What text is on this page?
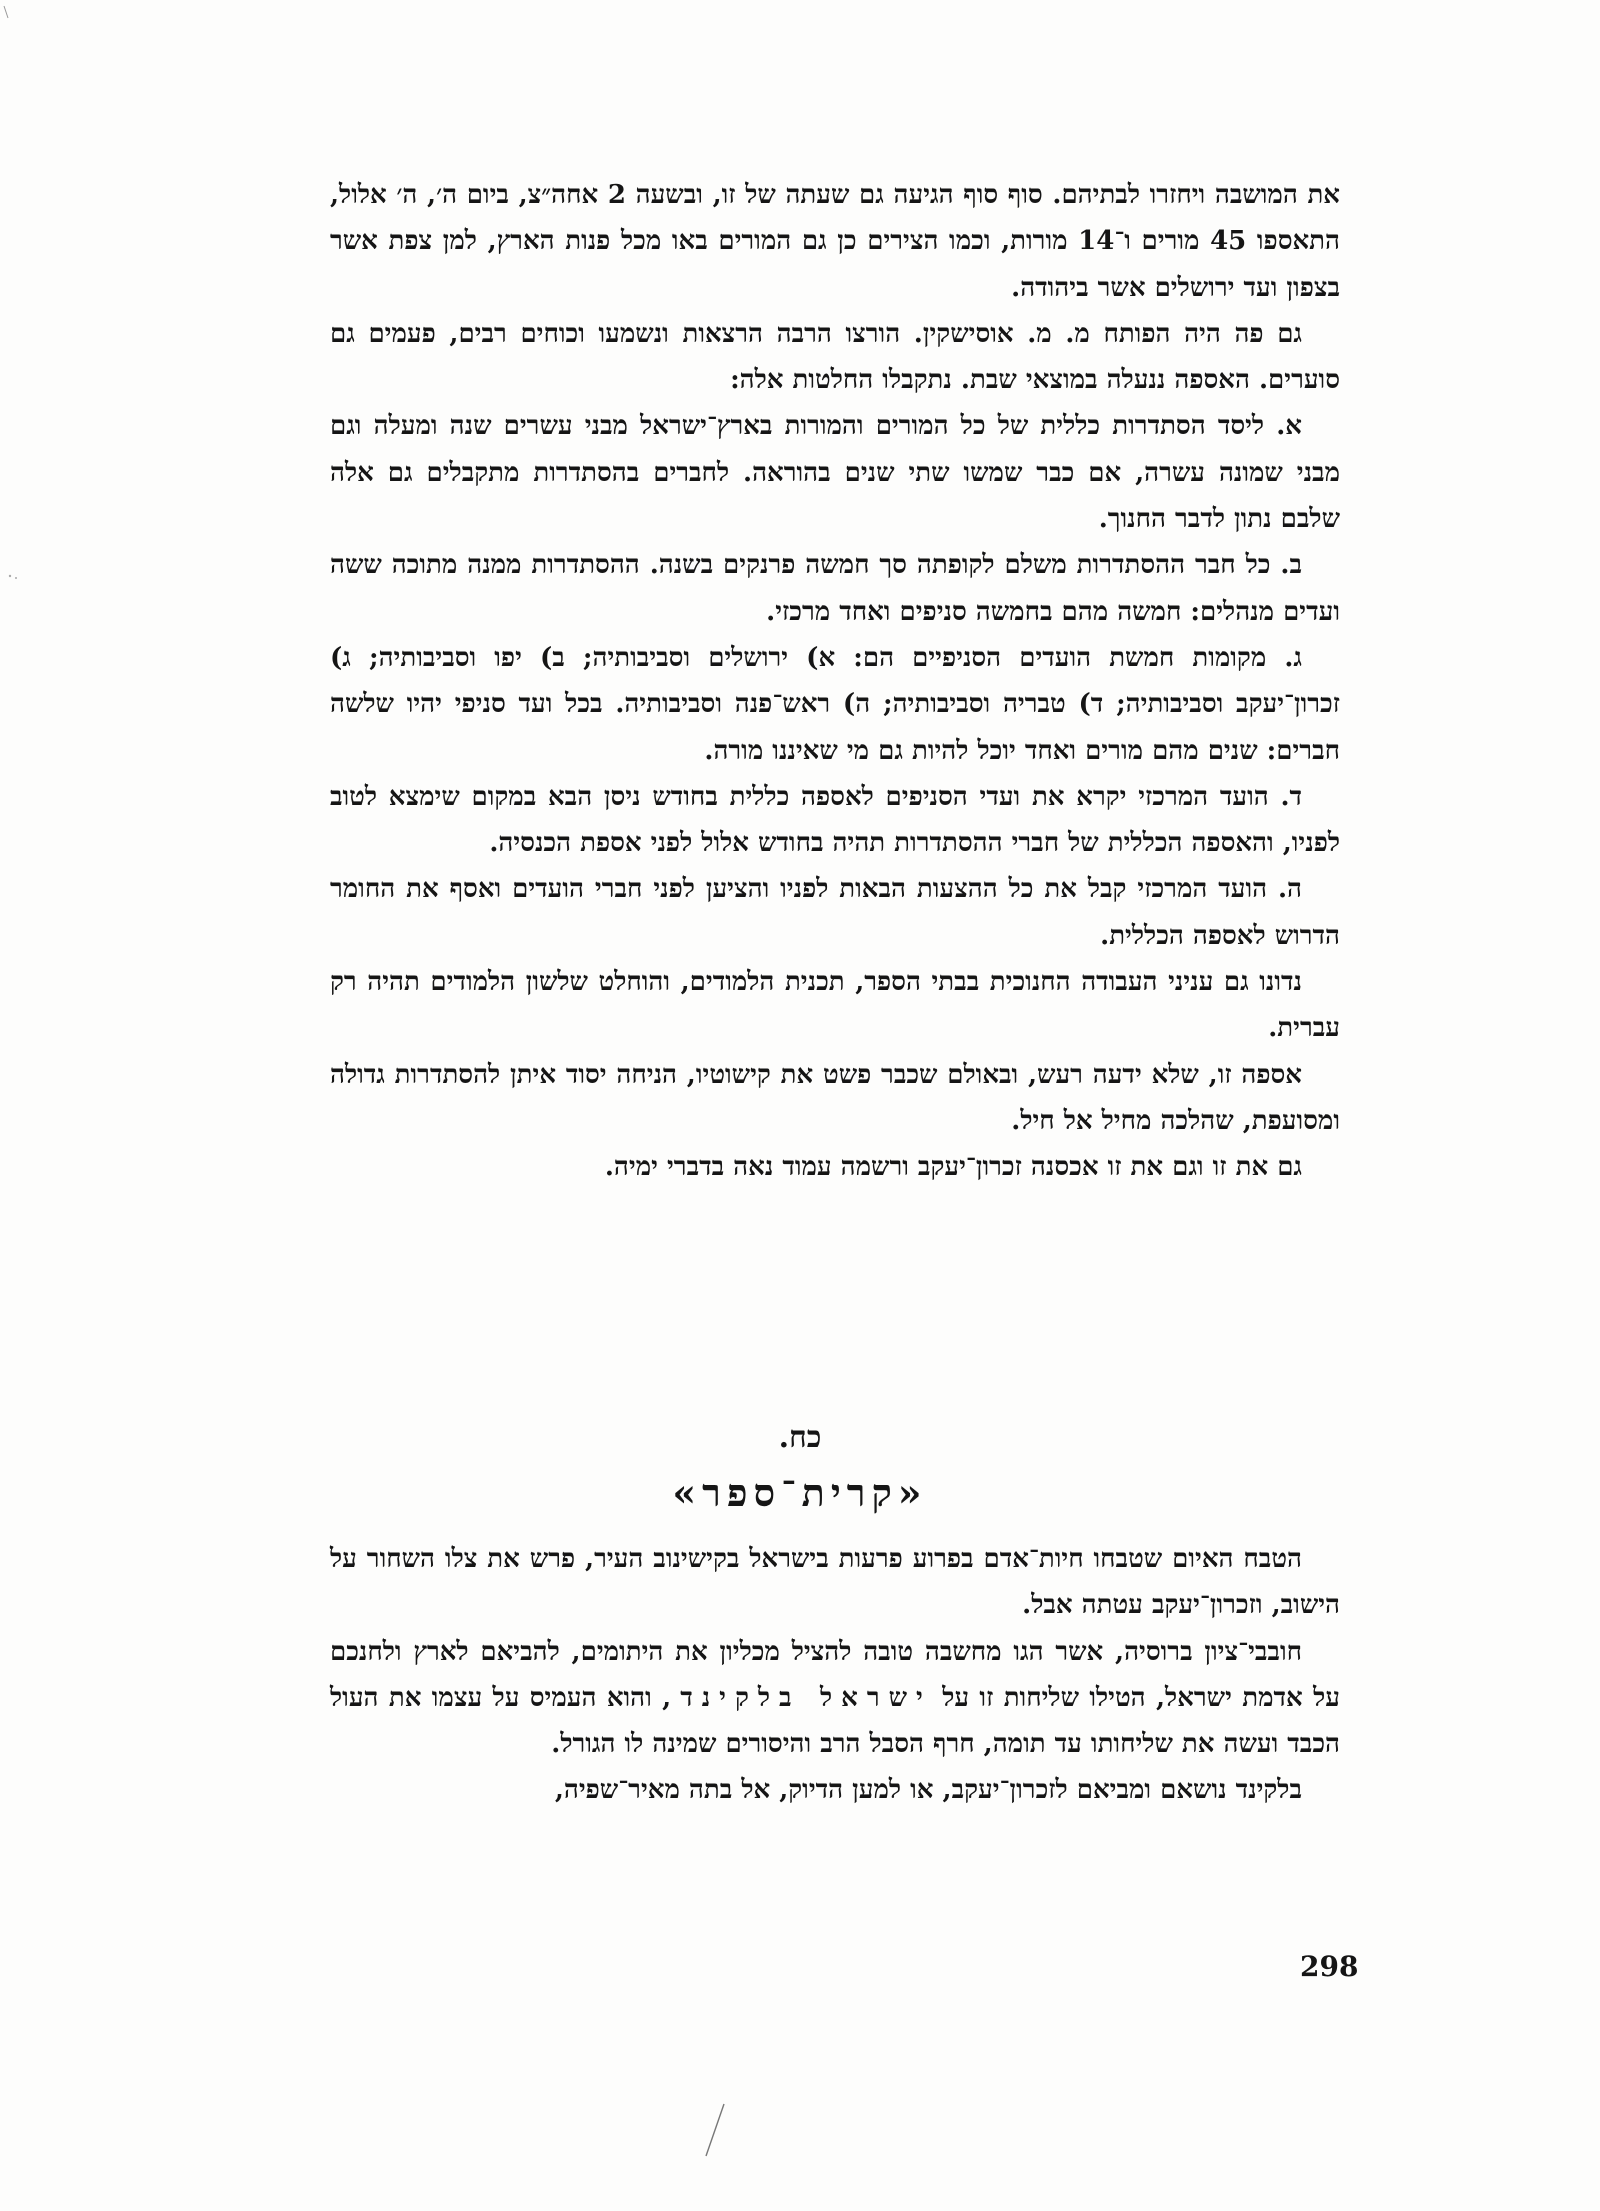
את המושבה ויחזרו לבתיהם. סוף סוף הגיעה גם שעתה של זו, ובשעה 2 אחה״צ, ביום ה׳, ה׳ אלול, התאספו 45 מורים ו־14 מורות, וכמו הצירים כן גם המורים באו מכל פנות הארץ, למן צפת אשר בצפון ועד ירושלים אשר ביהודה.

גם פה היה הפותח מ. מ. אוסישקין. הורצו הרבה הרצאות ונשמעו וכוחים רבים, פעמים גם סוערים. האספה ננעלה במוצאי שבת. נתקבלו החלטות אלה:

א. ליסד הסתדרות כללית של כל המורים והמורות בארץ־ישראל מבני עשרים שנה ומעלה וגם מבני שמונה עשרה, אם כבר שמשו שתי שנים בהוראה. לחברים בהסתדרות מתקבלים גם אלה שלבם נתון לדבר החנוך.

ב. כל חבר ההסתדרות משלם לקופתה סך חמשה פרנקים בשנה. ההסתדרות ממנה מתוכה ששה ועדים מנהלים: חמשה מהם בחמשה סניפים ואחד מרכזי.

ג. מקומות חמשת הועדים הסניפיים הם: א) ירושלים וסביבותיה; ב) יפו וסביבותיה; ג) זכרון־יעקב וסביבותיה; ד) טבריה וסביבותיה; ה) ראש־פנה וסביבותיה. בכל ועד סניפי יהיו שלשה חברים: שנים מהם מורים ואחד יוכל להיות גם מי שאיננו מורה.

ד. הועד המרכזי יקרא את ועדי הסניפים לאספה כללית בחודש ניסן הבא במקום שימצא לטוב לפניו, והאספה הכללית של חברי ההסתדרות תהיה בחודש אלול לפני אספת הכנסיה.

ה. הועד המרכזי קבל את כל ההצעות הבאות לפניו והציען לפני חברי הועדים ואסף את החומר הדרוש לאספה הכללית.

נדונו גם עניני העבודה החנוכית בבתי הספר, תכנית הלמודים, והוחלט שלשון הלמודים תהיה רק עברית.

אספה זו, שלא ידעה רעש, ובאולם שכבר פשט את קישוטיו, הניחה יסוד איתן להסתדרות גדולה ומסועפת, שהלכה מחיל אל חיל.

גם את זו וגם את זו אכסנה זכרון־יעקב ורשמה עמוד נאה בדברי ימיה.

כח.
«קרית־ספר»

הטבח האיום שטבחו חיות־אדם בפרוע פרעות בישראל בקישינוב העיר, פרש את צלו השחור על הישוב, וזכרון־יעקב עטתה אבל.

חובבי־ציון ברוסיה, אשר הגו מחשבה טובה להציל מכליון את היתומים, להביאם לארץ ולחנכם על אדמת ישראל, הטילו שליחות זו על ישראל בלקינד, והוא העמיס על עצמו את העול הכבד ועשה את שליחותו עד תומה, חרף הסבל הרב והיסורים שמינה לו הגורל.

בלקינד נושאם ומביאם לזכרון־יעקב, או למען הדיוק, אל בתה מאיר־שפיה,

298
